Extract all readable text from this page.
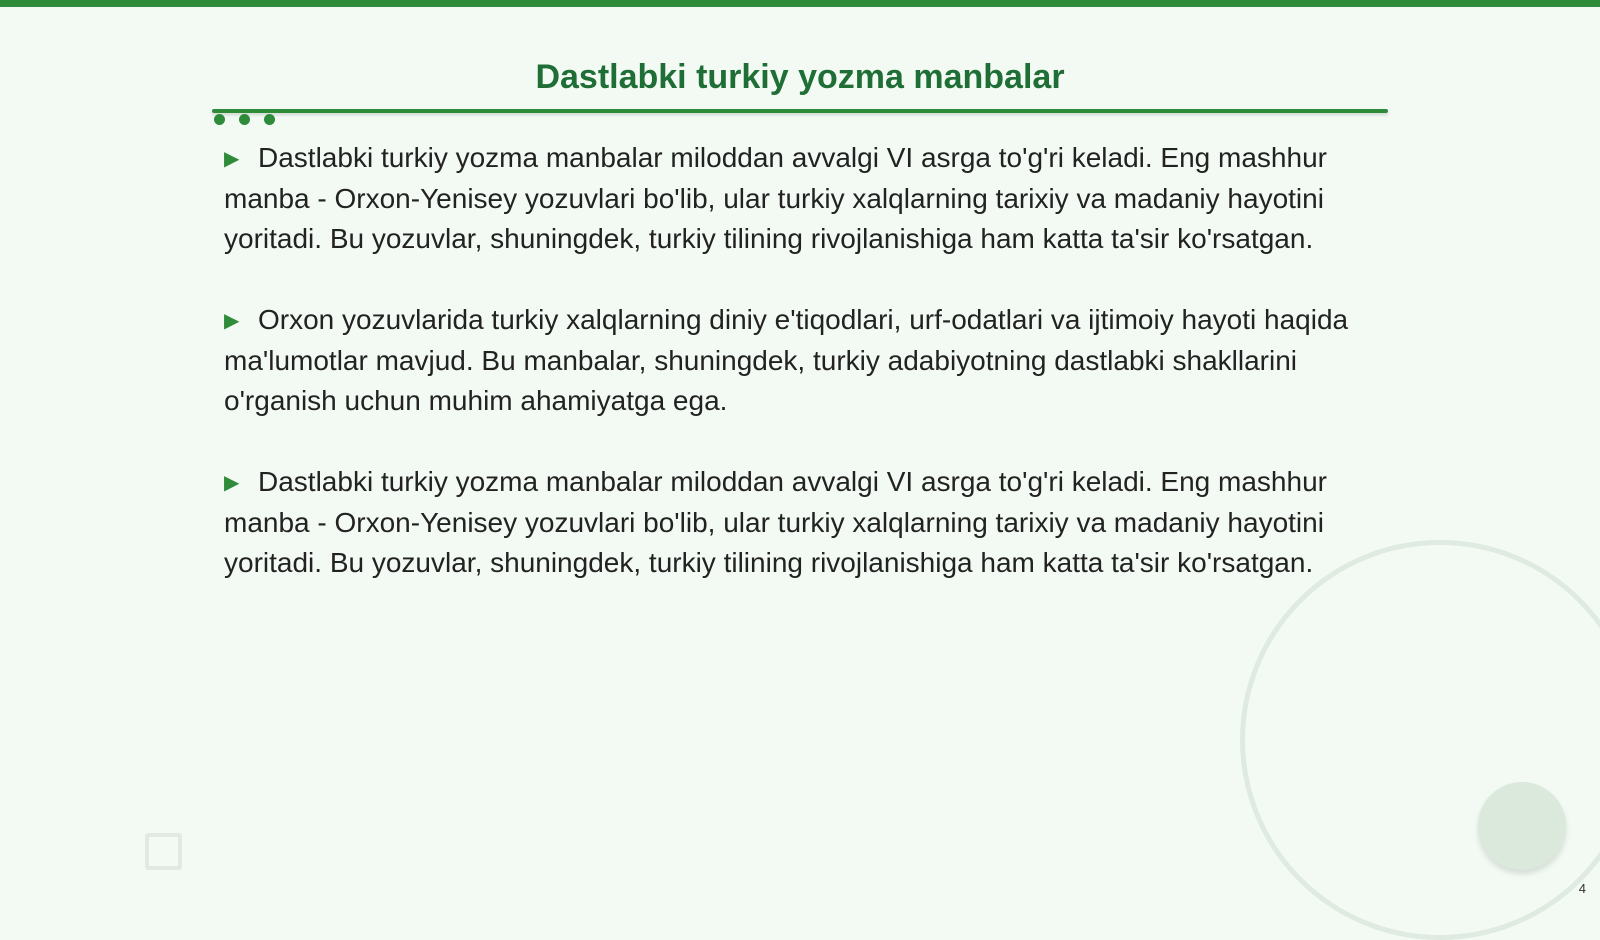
Dastlabki turkiy yozma manbalar

▶ Dastlabki turkiy yozma manbalar miloddan avvalgi VI asrga to'g'ri keladi. Eng mashhur manba - Orxon-Yenisey yozuvlari bo'lib, ular turkiy xalqlarning tarixiy va madaniy hayotini yoritadi. Bu yozuvlar, shuningdek, turkiy tilining rivojlanishiga ham katta ta'sir ko'rsatgan.

▶ Orxon yozuvlarida turkiy xalqlarning diniy e'tiqodlari, urf-odatlari va ijtimoiy hayoti haqida ma'lumotlar mavjud. Bu manbalar, shuningdek, turkiy adabiyotning dastlabki shakllarini o'rganish uchun muhim ahamiyatga ega.

▶ Dastlabki turkiy yozma manbalar miloddan avvalgi VI asrga to'g'ri keladi. Eng mashhur manba - Orxon-Yenisey yozuvlari bo'lib, ular turkiy xalqlarning tarixiy va madaniy hayotini yoritadi. Bu yozuvlar, shuningdek, turkiy tilining rivojlanishiga ham katta ta'sir ko'rsatgan.

4
